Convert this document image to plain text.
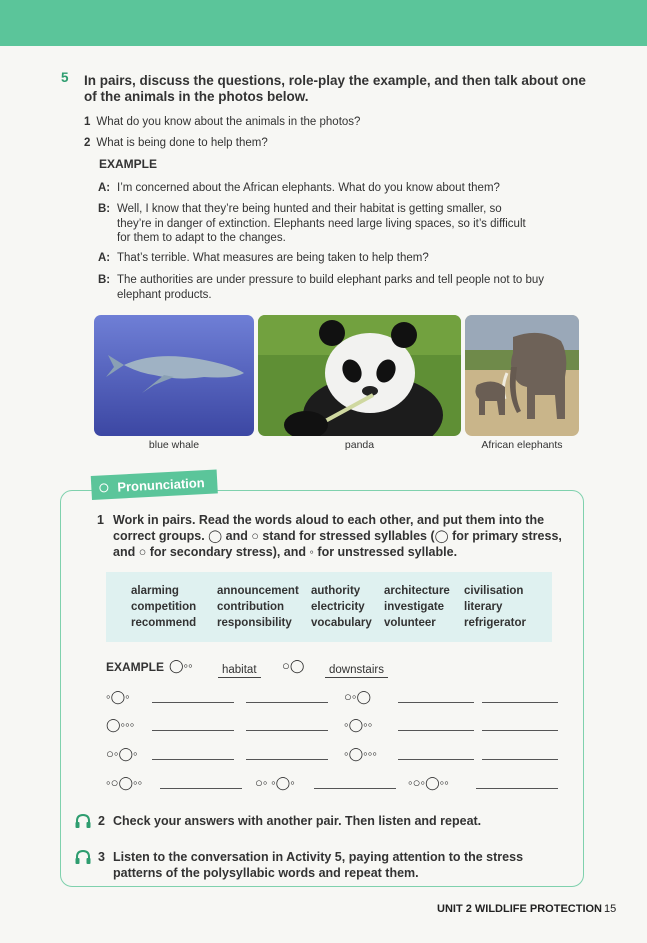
5 In pairs, discuss the questions, role-play the example, and then talk about one
of the animals in the photos below.
1 What do you know about the animals in the photos?
2 What is being done to help them?
EXAMPLE
A: I’m concerned about the African elephants. What do you know about them?
B: Well, I know that they’re being hunted and their habitat is getting smaller, so
they’re in danger of extinction. Elephants need large living spaces, so it’s difficult
for them to adapt to the changes.
A: That’s terrible. What measures are being taken to help them?
B: The authorities are under pressure to build elephant parks and tell people not to buy
elephant products.
blue whale	panda	African elephants
Pronunciation
1 Work in pairs. Read the words aloud to each other, and put them into the
correct groups. ◯ and ○ stand for stressed syllables (◯ for primary stress,
and ○ for secondary stress), and ◦ for unstressed syllable.
alarming	announcement authority architecture civilisation
competition contribution electricity investigate literary
recommend responsibility vocabulary volunteer refrigerator
EXAMPLE ◯◦◦	habitat	○◯	downstairs
◦◯◦	○◦◯
◯◦◦◦	◦◯◦◦
○◦◯◦	◦◯◦◦◦
◦○◯◦◦	○◦ ◦◯◦	◦○◦◯◦◦
2 Check your answers with another pair. Then listen and repeat.
3 Listen to the conversation in Activity 5, paying attention to the stress
patterns of the polysyllabic words and repeat them.
UNIT 2 WILDLIFE PROTECTION 15
